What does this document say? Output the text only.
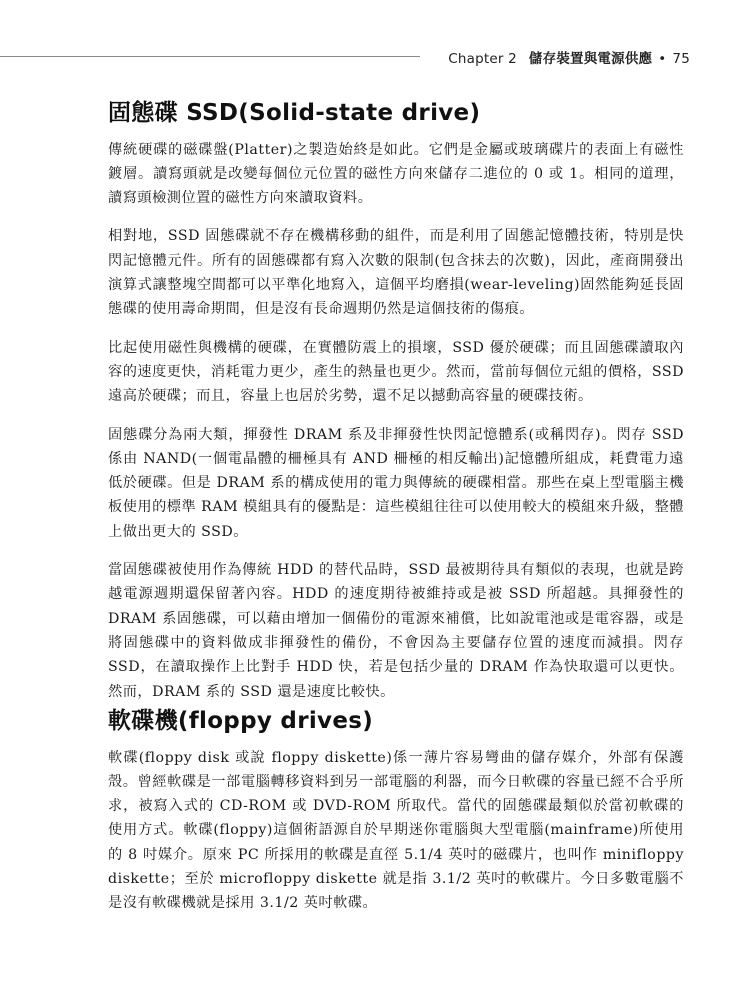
Chapter 2 儲存裝置與電源供應 • 75
固態碟 SSD(Solid-state drive)

傳統硬碟的磁碟盤(Platter)之製造始終是如此。它們是金屬或玻璃碟片的表面上有磁性鍍層。讀寫頭就是改變每個位元位置的磁性方向來儲存二進位的 0 或 1。相同的道理，讀寫頭檢測位置的磁性方向來讀取資料。

相對地，SSD 固態碟就不存在機構移動的組件，而是利用了固態記憶體技術，特別是快閃記憶體元件。所有的固態碟都有寫入次數的限制(包含抹去的次數)，因此，產商開發出演算式讓整塊空間都可以平準化地寫入，這個平均磨損(wear-leveling)固然能夠延長固態碟的使用壽命期間，但是沒有長命週期仍然是這個技術的傷痕。

比起使用磁性與機構的硬碟，在實體防震上的損壞，SSD 優於硬碟；而且固態碟讀取內容的速度更快，消耗電力更少，產生的熱量也更少。然而，當前每個位元組的價格，SSD 遠高於硬碟；而且，容量上也居於劣勢，還不足以撼動高容量的硬碟技術。

固態碟分為兩大類，揮發性 DRAM 系及非揮發性快閃記憶體系(或稱閃存)。閃存 SSD 係由 NAND(一個電晶體的柵極具有 AND 柵極的相反輸出)記憶體所組成，耗費電力遠低於硬碟。但是 DRAM 系的構成使用的電力與傳統的硬碟相當。那些在桌上型電腦主機板使用的標準 RAM 模組具有的優點是：這些模組往往可以使用較大的模組來升級，整體上做出更大的 SSD。

當固態碟被使用作為傳統 HDD 的替代品時，SSD 最被期待具有類似的表現，也就是跨越電源週期還保留著內容。HDD 的速度期待被維持或是被 SSD 所超越。具揮發性的 DRAM 系固態碟，可以藉由增加一個備份的電源來補償，比如說電池或是電容器，或是將固態碟中的資料做成非揮發性的備份，不會因為主要儲存位置的速度而減損。閃存 SSD，在讀取操作上比對手 HDD 快，若是包括少量的 DRAM 作為快取還可以更快。然而，DRAM 系的 SSD 還是速度比較快。

軟碟機(floppy drives)

軟碟(floppy disk 或說 floppy diskette)係一薄片容易彎曲的儲存媒介，外部有保護殼。曾經軟碟是一部電腦轉移資料到另一部電腦的利器，而今日軟碟的容量已經不合乎所求，被寫入式的 CD-ROM 或 DVD-ROM 所取代。當代的固態碟最類似於當初軟碟的使用方式。軟碟(floppy)這個術語源自於早期迷你電腦與大型電腦(mainframe)所使用的 8 吋媒介。原來 PC 所採用的軟碟是直徑 5.1/4 英吋的磁碟片，也叫作 minifloppy diskette；至於 microfloppy diskette 就是指 3.1/2 英吋的軟碟片。今日多數電腦不是沒有軟碟機就是採用 3.1/2 英吋軟碟。
